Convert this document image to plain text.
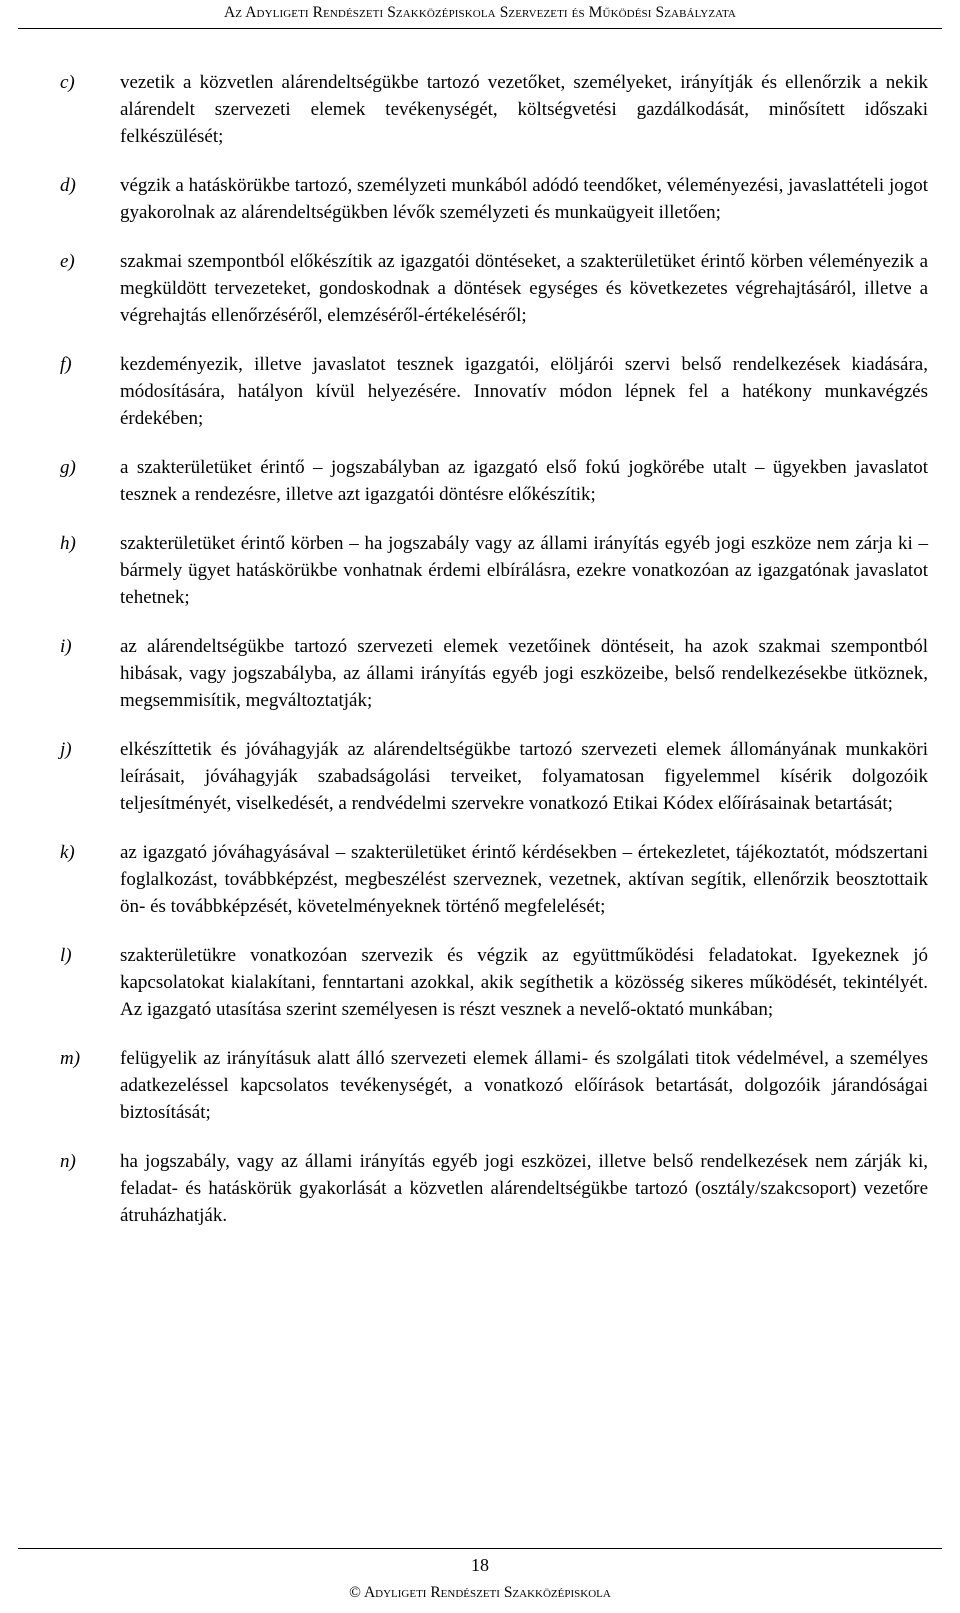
Az Adyligeti Rendészeti Szakközépiskola Szervezeti és Működési Szabályzata
c) vezetik a közvetlen alárendeltségükbe tartozó vezetőket, személyeket, irányítják és ellenőrzik a nekik alárendelt szervezeti elemek tevékenységét, költségvetési gazdálkodását, minősített időszaki felkészülését;
d) végzik a hatáskörükbe tartozó, személyzeti munkából adódó teendőket, véleményezési, javaslattételi jogot gyakorolnak az alárendeltségükben lévők személyzeti és munkaügyeit illetően;
e) szakmai szempontból előkészítik az igazgatói döntéseket, a szakterületüket érintő körben véleményezik a megküldött tervezeteket, gondoskodnak a döntések egységes és következetes végrehajtásáról, illetve a végrehajtás ellenőrzéséről, elemzéséről-értékeléséről;
f)	kezdeményezik, illetve javaslatot tesznek igazgatói, elöljárói szervi belső rendelkezések kiadására, módosítására, hatályon kívül helyezésére. Innovatív módon lépnek fel a hatékony munkavégzés érdekében;
g) a szakterületüket érintő – jogszabályban az igazgató első fokú jogkörébe utalt – ügyekben javaslatot tesznek a rendezésre, illetve azt igazgatói döntésre előkészítik;
h) szakterületüket érintő körben – ha jogszabály vagy az állami irányítás egyéb jogi eszköze nem zárja ki – bármely ügyet hatáskörükbe vonhatnak érdemi elbírálásra, ezekre vonatkozóan az igazgatónak javaslatot tehetnek;
i)	az alárendeltségükbe tartozó szervezeti elemek vezetőinek döntéseit, ha azok szakmai szempontból hibásak, vagy jogszabályba, az állami irányítás egyéb jogi eszközeibe, belső rendelkezésekbe ütköznek, megsemmisítik, megváltoztatják;
j)	elkészíttetik és jóváhagyják az alárendeltségükbe tartozó szervezeti elemek állományának munkaköri leírásait, jóváhagyják szabadságolási terveiket, folyamatosan figyelemmel kísérik dolgozóik teljesítményét, viselkedését, a rendvédelmi szervekre vonatkozó Etikai Kódex előírásainak betartását;
k) az igazgató jóváhagyásával – szakterületüket érintő kérdésekben – értekezletet, tájékoztatót, módszertani foglalkozást, továbbképzést, megbeszélést szerveznek, vezetnek, aktívan segítik, ellenőrzik beosztottaik ön- és továbbképzését, követelményeknek történő megfelelését;
l)	szakterületükre vonatkozóan szervezik és végzik az együttműködési feladatokat. Igyekeznek jó kapcsolatokat kialakítani, fenntartani azokkal, akik segíthetik a közösség sikeres működését, tekintélyét. Az igazgató utasítása szerint személyesen is részt vesznek a nevelő-oktató munkában;
m) felügyelik az irányításuk alatt álló szervezeti elemek állami- és szolgálati titok védelmével, a személyes adatkezeléssel kapcsolatos tevékenységét, a vonatkozó előírások betartását, dolgozóik járandóságai biztosítását;
n) ha jogszabály, vagy az állami irányítás egyéb jogi eszközei, illetve belső rendelkezések nem zárják ki, feladat- és hatáskörük gyakorlását a közvetlen alárendeltségükbe tartozó (osztály/szakcsoport) vezetőre átruházhatják.
18
© Adyligeti Rendészeti Szakközépiskola
